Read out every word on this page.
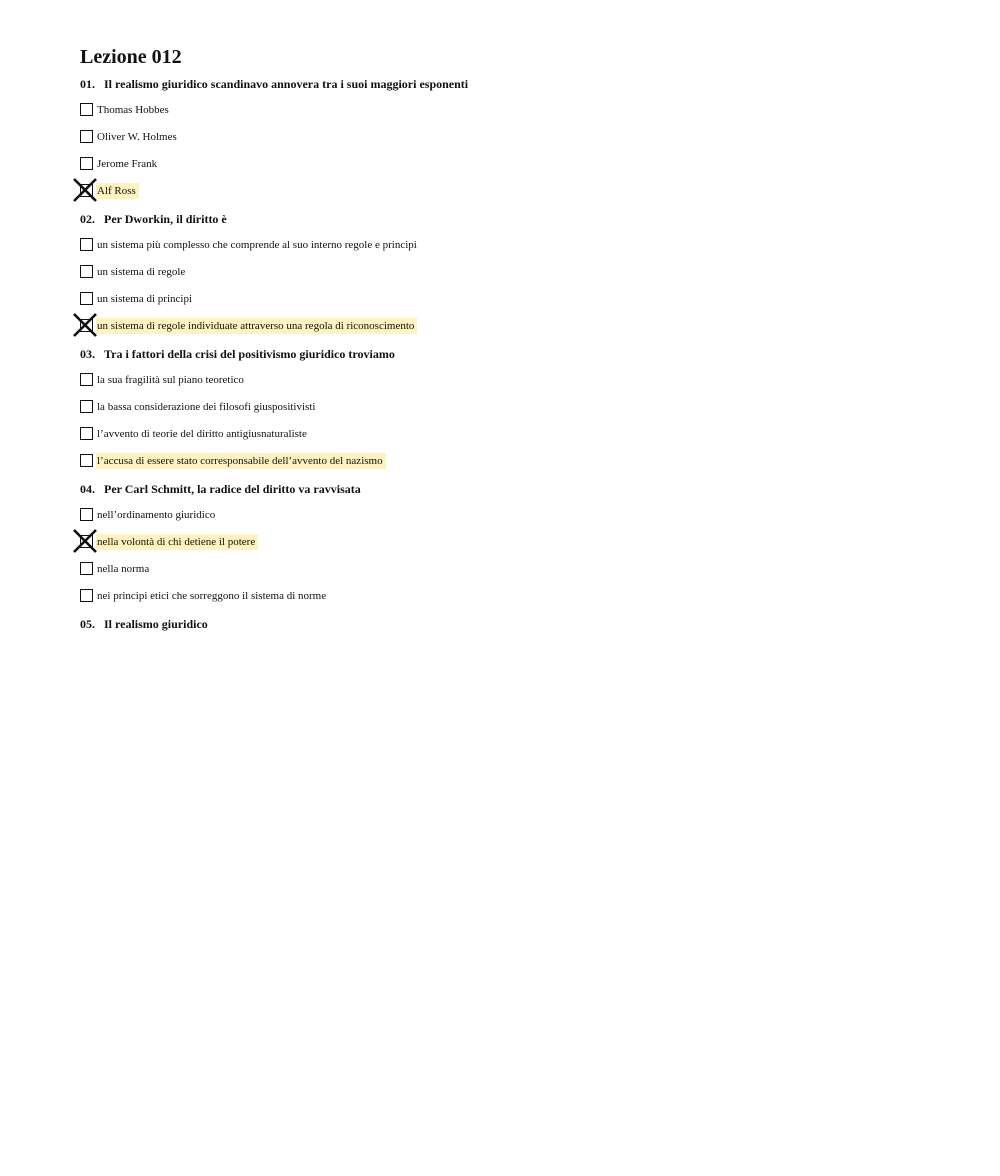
Lezione 012
01. Il realismo giuridico scandinavo annovera tra i suoi maggiori esponenti
Thomas Hobbes
Oliver W. Holmes
Jerome Frank
Alf Ross
02. Per Dworkin, il diritto è
un sistema più complesso che comprende al suo interno regole e principi
un sistema di regole
un sistema di principi
un sistema di regole individuate attraverso una regola di riconoscimento
03. Tra i fattori della crisi del positivismo giuridico troviamo
la sua fragilità sul piano teoretico
la bassa considerazione dei filosofi giuspositivisti
l’avvento di teorie del diritto antigiusnaturaliste
l’accusa di essere stato corresponsabile dell’avvento del nazismo
04. Per Carl Schmitt, la radice del diritto va ravvisata
nell’ordinamento giuridico
nella volontà di chi detiene il potere
nella norma
nei principi etici che sorreggono il sistema di norme
05. Il realismo giuridico
